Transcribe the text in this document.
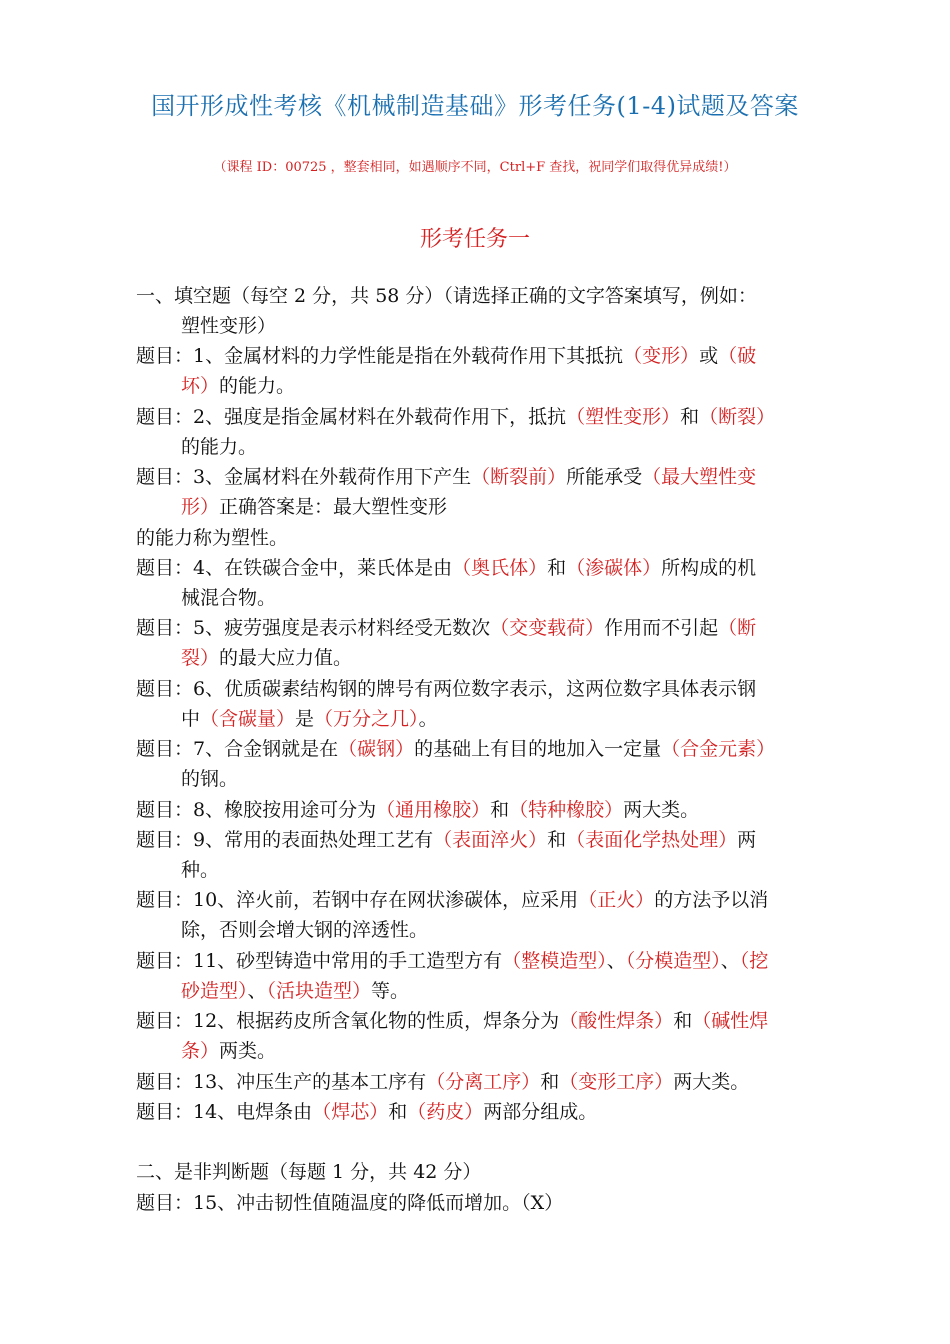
国开形成性考核《机械制造基础》形考任务(1-4)试题及答案
（课程 ID：00725 ，整套相同，如遇顺序不同，Ctrl+F 查找，祝同学们取得优异成绩!）
形考任务一
一、填空题（每空 2 分，共 58 分）（请选择正确的文字答案填写，例如：
塑性变形）
题目：1、金属材料的力学性能是指在外载荷作用下其抵抗（变形）或（破
坏）的能力。
题目：2、强度是指金属材料在外载荷作用下，抵抗（塑性变形）和（断裂）
的能力。
题目：3、金属材料在外载荷作用下产生（断裂前）所能承受（最大塑性变
形）正确答案是：最大塑性变形
的能力称为塑性。
题目：4、在铁碳合金中，莱氏体是由（奥氏体）和（渗碳体）所构成的机
械混合物。
题目：5、疲劳强度是表示材料经受无数次（交变载荷）作用而不引起（断
裂）的最大应力值。
题目：6、优质碳素结构钢的牌号有两位数字表示，这两位数字具体表示钢
中（含碳量）是（万分之几）。
题目：7、合金钢就是在（碳钢）的基础上有目的地加入一定量（合金元素）
的钢。
题目：8、橡胶按用途可分为（通用橡胶）和（特种橡胶）两大类。
题目：9、常用的表面热处理工艺有（表面淬火）和（表面化学热处理）两
种。
题目：10、淬火前，若钢中存在网状渗碳体，应采用（正火）的方法予以消
除，否则会增大钢的淬透性。
题目：11、砂型铸造中常用的手工造型方有（整模造型）、（分模造型）、（挖
砂造型）、（活块造型）等。
题目：12、根据药皮所含氧化物的性质，焊条分为（酸性焊条）和（碱性焊
条）两类。
题目：13、冲压生产的基本工序有（分离工序）和（变形工序）两大类。
题目：14、电焊条由（焊芯）和（药皮）两部分组成。
二、是非判断题（每题 1 分，共 42 分）
题目：15、冲击韧性值随温度的降低而增加。（X）
